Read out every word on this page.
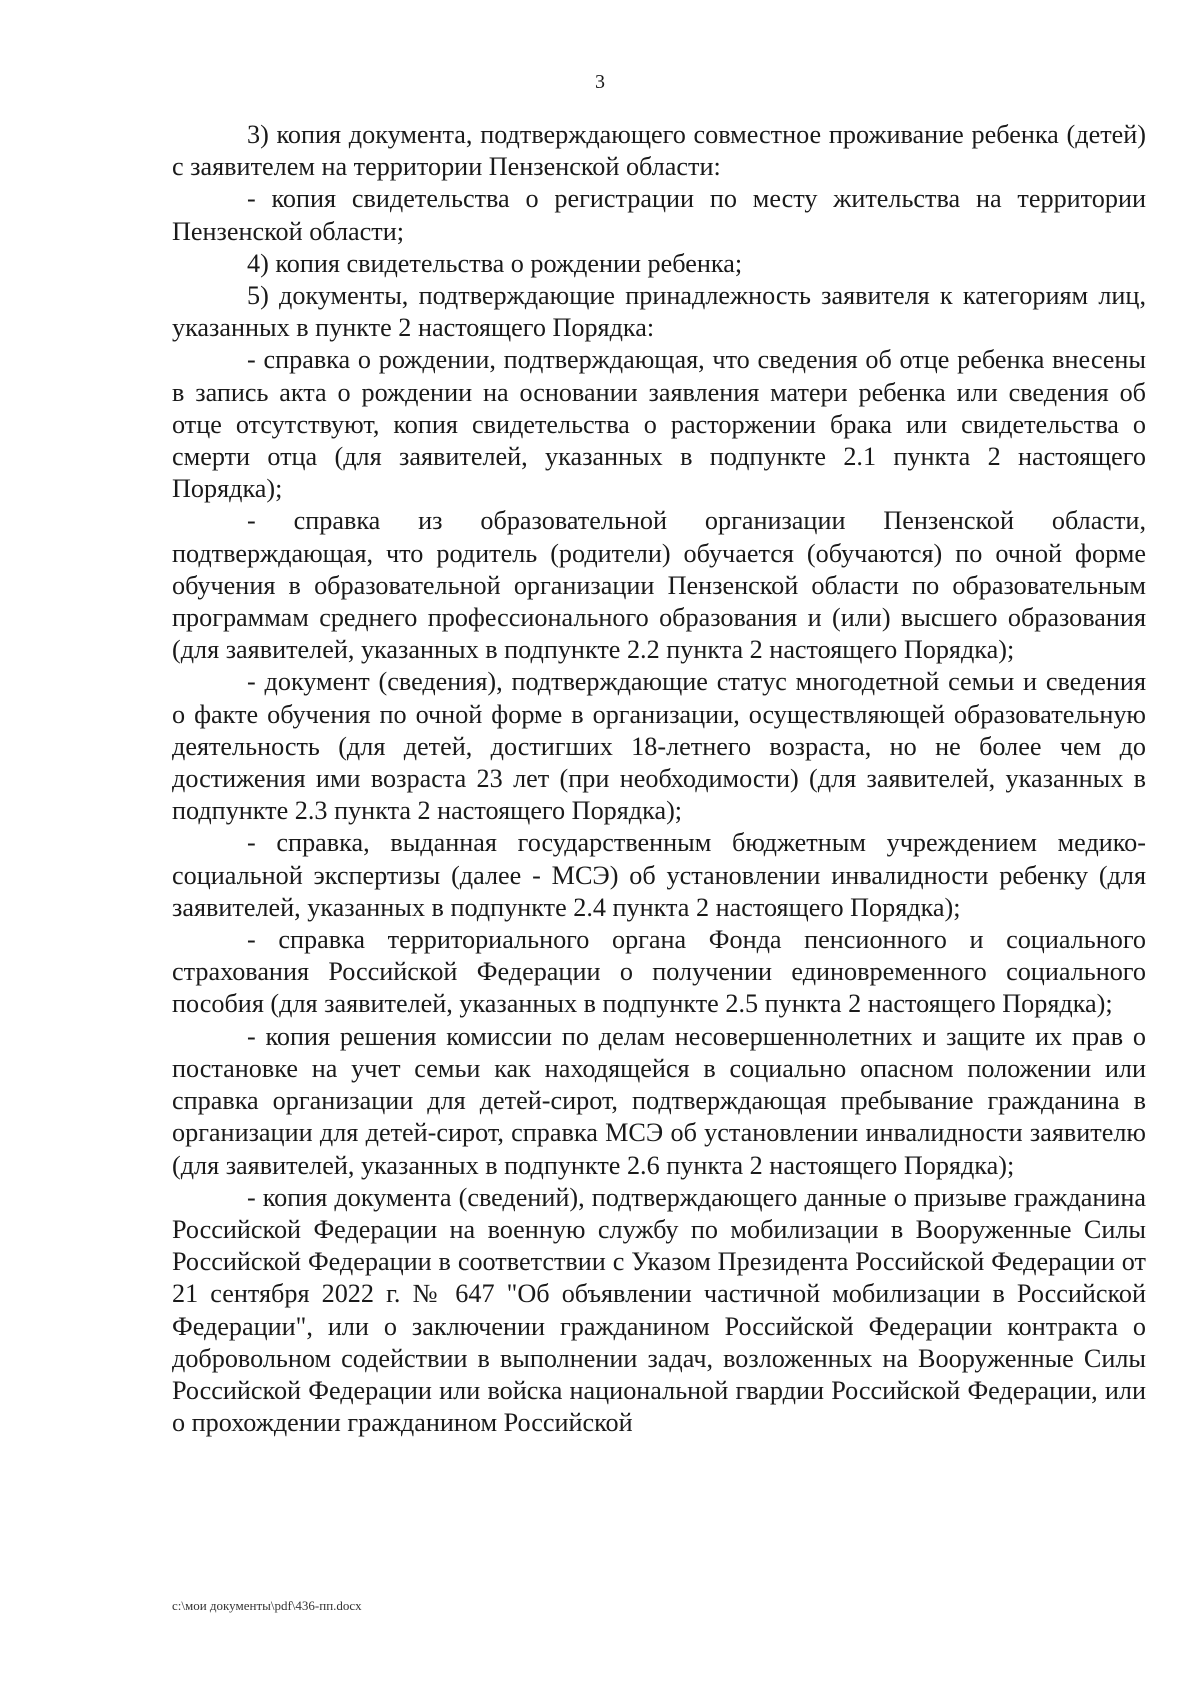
3

3) копия документа, подтверждающего совместное проживание ребенка (детей) с заявителем на территории Пензенской области:

- копия свидетельства о регистрации по месту жительства на территории Пензенской области;

4) копия свидетельства о рождении ребенка;

5) документы, подтверждающие принадлежность заявителя к категориям лиц, указанных в пункте 2 настоящего Порядка:

- справка о рождении, подтверждающая, что сведения об отце ребенка внесены в запись акта о рождении на основании заявления матери ребенка или сведения об отце отсутствуют, копия свидетельства о расторжении брака или свидетельства о смерти отца (для заявителей, указанных в подпункте 2.1 пункта 2 настоящего Порядка);

- справка из образовательной организации Пензенской области, подтверждающая, что родитель (родители) обучается (обучаются) по очной форме обучения в образовательной организации Пензенской области по образовательным программам среднего профессионального образования и (или) высшего образования (для заявителей, указанных в подпункте 2.2 пункта 2 настоящего Порядка);

- документ (сведения), подтверждающие статус многодетной семьи и сведения о факте обучения по очной форме в организации, осуществляющей образовательную деятельность (для детей, достигших 18-летнего возраста, но не более чем до достижения ими возраста 23 лет (при необходимости) (для заявителей, указанных в подпункте 2.3 пункта 2 настоящего Порядка);

- справка, выданная государственным бюджетным учреждением медико-социальной экспертизы (далее - МСЭ) об установлении инвалидности ребенку (для заявителей, указанных в подпункте 2.4 пункта 2 настоящего Порядка);

- справка территориального органа Фонда пенсионного и социального страхования Российской Федерации о получении единовременного социального пособия (для заявителей, указанных в подпункте 2.5 пункта 2 настоящего Порядка);

- копия решения комиссии по делам несовершеннолетних и защите их прав о постановке на учет семьи как находящейся в социально опасном положении или справка организации для детей-сирот, подтверждающая пребывание гражданина в организации для детей-сирот, справка МСЭ об установлении инвалидности заявителю (для заявителей, указанных в подпункте 2.6 пункта 2 настоящего Порядка);

- копия документа (сведений), подтверждающего данные о призыве гражданина Российской Федерации на военную службу по мобилизации в Вооруженные Силы Российской Федерации в соответствии с Указом Президента Российской Федерации от 21 сентября 2022 г. № 647 "Об объявлении частичной мобилизации в Российской Федерации", или о заключении гражданином Российской Федерации контракта о добровольном содействии в выполнении задач, возложенных на Вооруженные Силы Российской Федерации или войска национальной гвардии Российской Федерации, или о прохождении гражданином Российской

c:\мои документы\pdf\436-пп.docx
